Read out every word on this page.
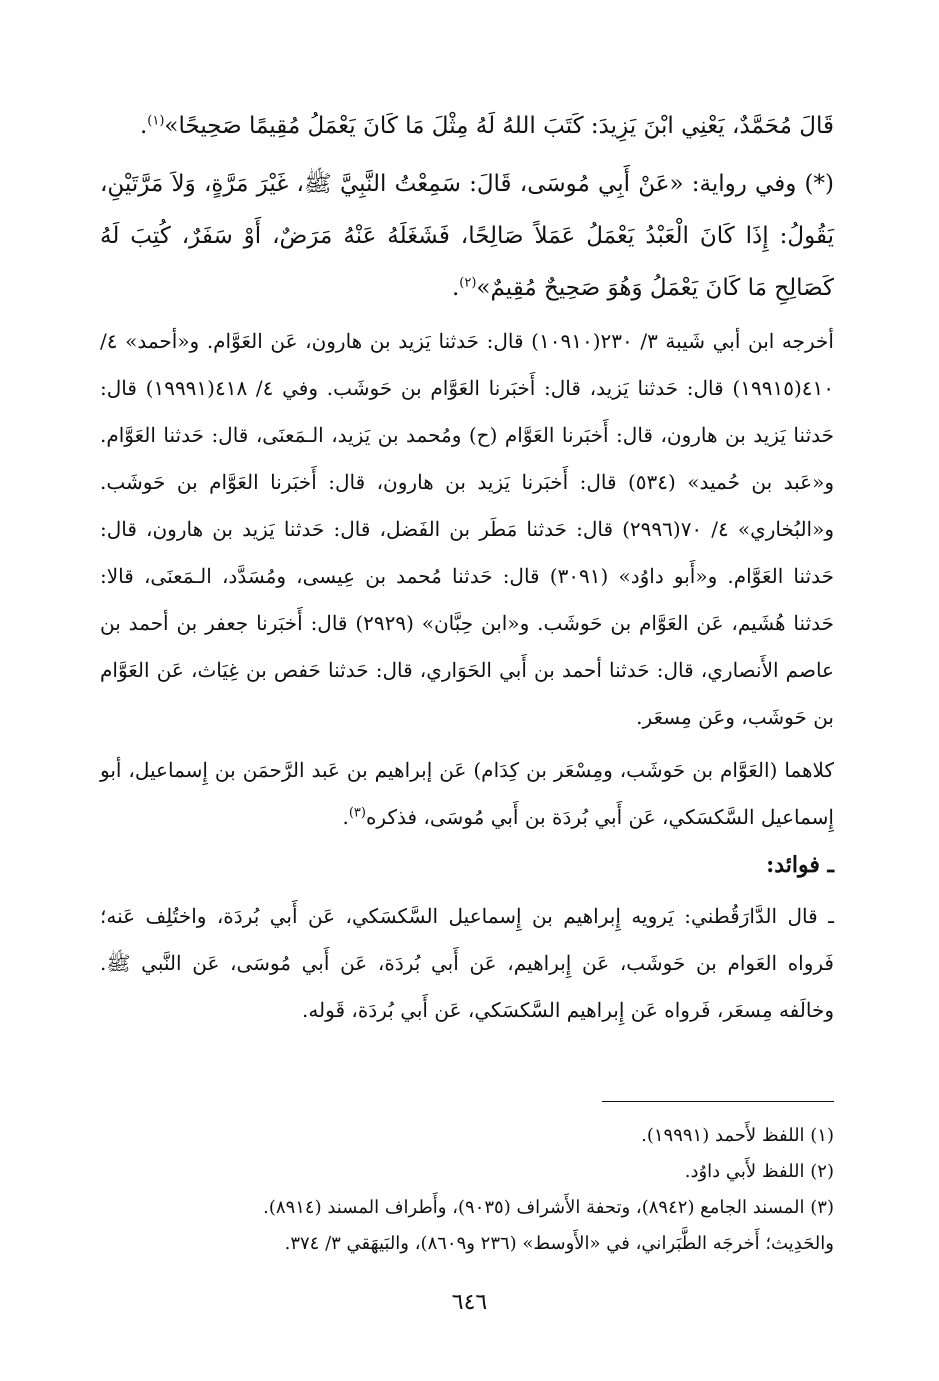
قَالَ مُحَمَّدٌ، يَعْنِي ابْنَ يَزِيدَ: كَتَبَ اللهُ لَهُ مِثْلَ مَا كَانَ يَعْمَلُ مُقِيمًا صَحِيحًا»$^{(١)}$.

(*) وفي رواية: «عَنْ أَبِي مُوسَى، قَالَ: سَمِعْتُ النَّبِيَّ ﷺ، غَيْرَ مَرَّةٍ، وَلاَ مَرَّتَيْنِ، يَقُولُ: إِذَا كَانَ الْعَبْدُ يَعْمَلُ عَمَلاً صَالِحًا، فَشَغَلَهُ عَنْهُ مَرَضٌ، أَوْ سَفَرٌ، كُتِبَ لَهُ كَصَالِحِ مَا كَانَ يَعْمَلُ وَهُوَ صَحِيحٌ مُقِيمٌ»$^{(٢)}$.

أخرجه ابن أبي شَيبة ٣/ ٢٣٠(١٠٩١٠) قال: حَدثنا يَزيد بن هارون، عَن العَوَّام. و«أحمد» ٤/ ٤١٠(١٩٩١٥) قال: حَدثنا يَزيد، قال: أَخبَرنا العَوَّام بن حَوشَب. وفي ٤/ ٤١٨(١٩٩٩١) قال: حَدثنا يَزيد بن هارون، قال: أَخبَرنا العَوَّام (ح) ومُحمد بن يَزيد، الـمَعنَى، قال: حَدثنا العَوَّام. و«عَبد بن حُميد» (٥٣٤) قال: أَخبَرنا يَزيد بن هارون، قال: أَخبَرنا العَوَّام بن حَوشَب. و«البُخاري» ٤/ ٧٠(٢٩٩٦) قال: حَدثنا مَطَر بن الفَضل، قال: حَدثنا يَزيد بن هارون، قال: حَدثنا العَوَّام. و«أَبو داوُد» (٣٠٩١) قال: حَدثنا مُحمد بن عِيسى، ومُسَدَّد، الـمَعنَى، قالا: حَدثنا هُشَيم، عَن العَوَّام بن حَوشَب. و«ابن حِبَّان» (٢٩٢٩) قال: أَخبَرنا جعفر بن أحمد بن عاصم الأَنصاري، قال: حَدثنا أحمد بن أَبي الحَوَاري، قال: حَدثنا حَفص بن غِيَاث، عَن العَوَّام بن حَوشَب، وعَن مِسعَر.

كلاهما (العَوَّام بن حَوشَب، ومِسْعَر بن كِدَام) عَن إبراهيم بن عَبد الرَّحمَن بن إِسماعيل، أبو إِسماعيل السَّكسَكي، عَن أَبي بُردَة بن أَبي مُوسَى، فذكره$^{(٣)}$.

ـ فوائد:

ـ قال الدَّارَقُطني: يَرويه إِبراهيم بن إِسماعيل السَّكسَكي، عَن أَبي بُردَة، واختُلِف عَنه؛ فَرواه العَوام بن حَوشَب، عَن إِبراهيم، عَن أَبي بُردَة، عَن أَبي مُوسَى، عَن النَّبي ﷺ. وخالَفه مِسعَر، فَرواه عَن إِبراهيم السَّكسَكي، عَن أَبي بُردَة، قَوله.

(١) اللفظ لأَحمد (١٩٩٩١).

(٢) اللفظ لأَبي داوُد.

(٣) المسند الجامع (٨٩٤٢)، وتحفة الأَشراف (٩٠٣٥)، وأَطراف المسند (٨٩١٤).

والحَدِيث؛ أَخرجَه الطَّبَراني، في «الأَوسط» (٢٣٦ و٨٦٠٩)، والبَيهَقي ٣/ ٣٧٤.

٦٤٦
